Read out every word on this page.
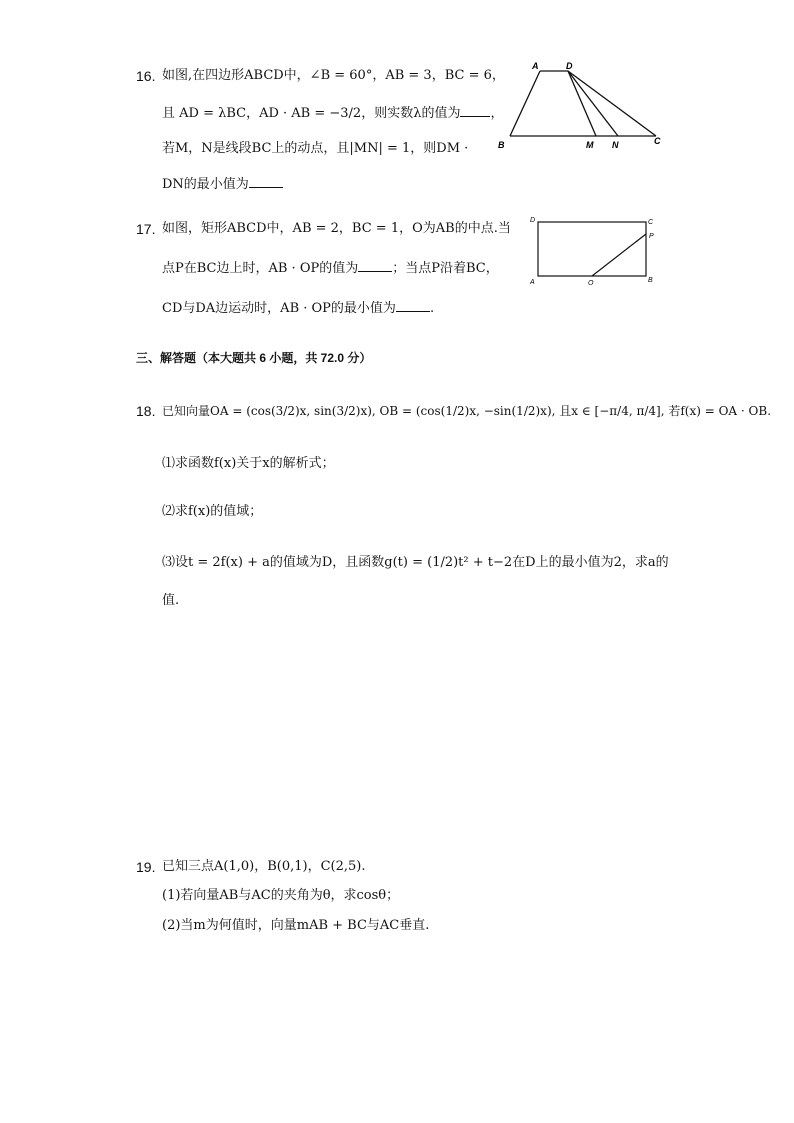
16. 如图,在四边形ABCD中，∠B = 60°，AB = 3，BC = 6，
且 AD = λBC，AD · AB = −3/2，则实数λ的值为 ，
若M，N是线段BC上的动点，且|MN| = 1，则DM ·
DN的最小值为
A	D
B	M N	C
17. 如图，矩形ABCD中，AB = 2，BC = 1，O为AB的中点.当
点P在BC边上时，AB · OP的值为	；当点P沿着BC，
CD与DA边运动时，AB · OP的最小值为	.
D	C
P
A	O	B
三、解答题（本大题共 6 小题，共 72.0 分）
18. 已知向量OA = (cos(3/2)x, sin(3/2)x), OB = (cos(1/2)x, −sin(1/2)x), 且x ∈ [−π/4, π/4], 若f(x) = OA · OB.
⑴求函数f(x)关于x的解析式；
⑵求f(x)的值域；
⑶设t = 2f(x) + a的值域为D，且函数g(t) = (1/2)t² + t−2在D上的最小值为2，求a的
值.
19. 已知三点A(1,0)，B(0,1)，C(2,5).
(1)若向量AB与AC的夹角为θ，求cosθ；
(2)当m为何值时，向量mAB + BC与AC垂直.
